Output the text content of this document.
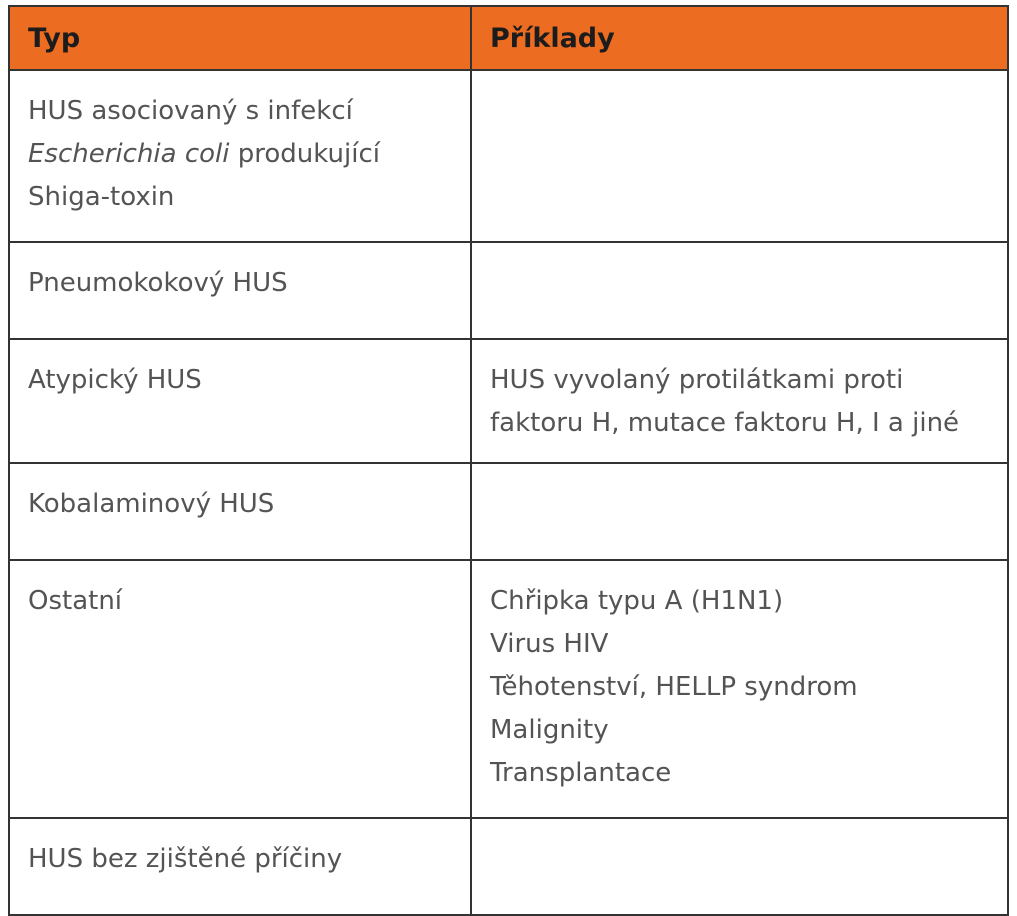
Typ	Příklady

HUS asociovaný s infekcí
Escherichia coli produkující
Shiga-toxin	

Pneumokokový HUS	

Atypický HUS	HUS vyvolaný protilátkami proti
faktoru H, mutace faktoru H, I a jiné

Kobalaminový HUS	

Ostatní	Chřipka typu A (H1N1)
Virus HIV
Těhotenství, HELLP syndrom
Malignity
Transplantace

HUS bez zjištěné příčiny	
